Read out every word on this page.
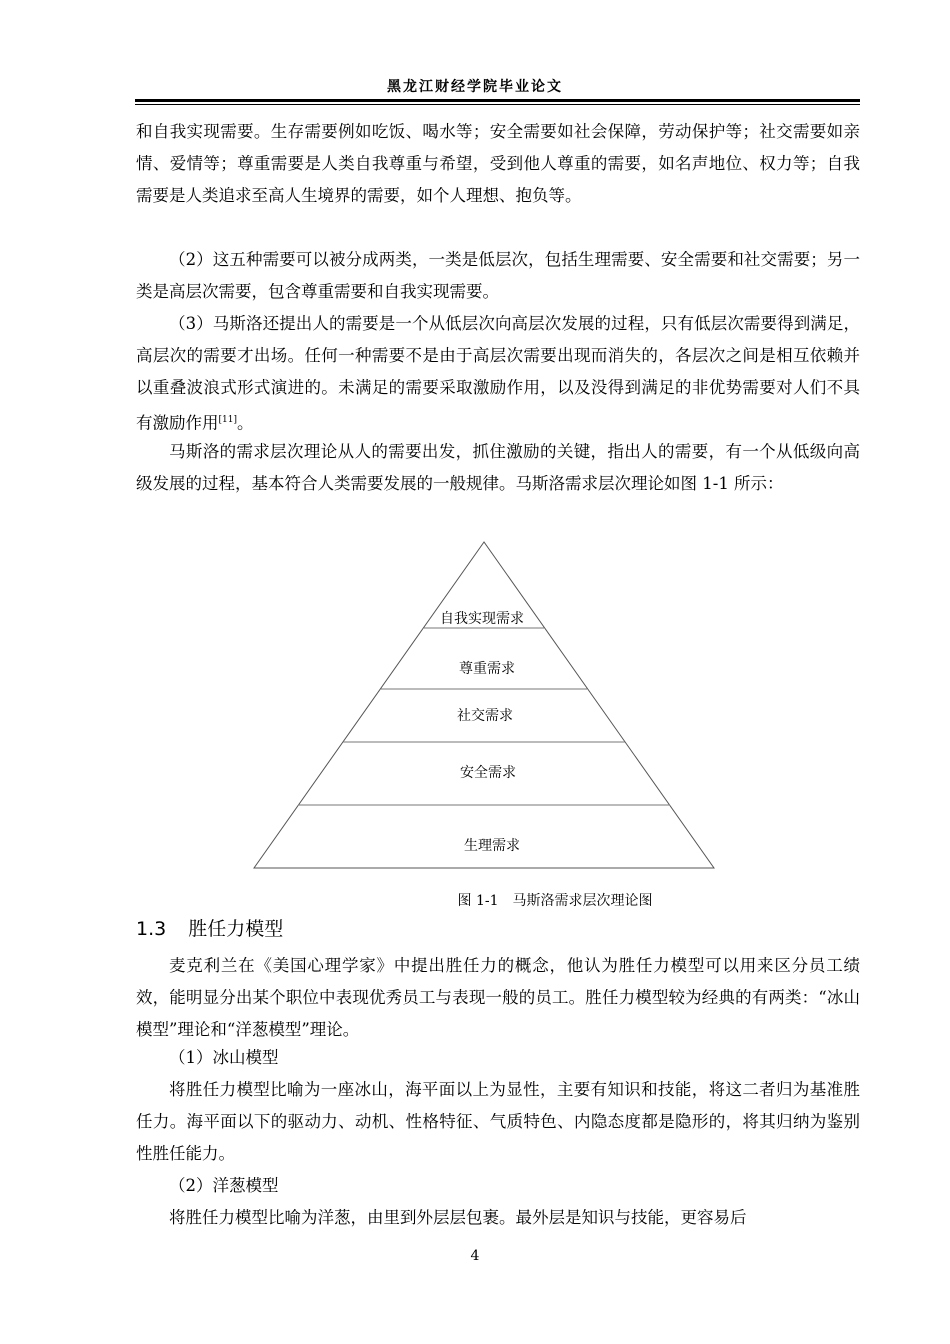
黑龙江财经学院毕业论文

和自我实现需要。生存需要例如吃饭、喝水等；安全需要如社会保障，劳动保护等；社交需要如亲情、爱情等；尊重需要是人类自我尊重与希望，受到他人尊重的需要，如名声地位、权力等；自我需要是人类追求至高人生境界的需要，如个人理想、抱负等。

（2）这五种需要可以被分成两类，一类是低层次，包括生理需要、安全需要和社交需要；另一类是高层次需要，包含尊重需要和自我实现需要。

（3）马斯洛还提出人的需要是一个从低层次向高层次发展的过程，只有低层次需要得到满足，高层次的需要才出场。任何一种需要不是由于高层次需要出现而消失的，各层次之间是相互依赖并以重叠波浪式形式演进的。未满足的需要采取激励作用，以及没得到满足的非优势需要对人们不具有激励作用[11]。

马斯洛的需求层次理论从人的需要出发，抓住激励的关键，指出人的需要，有一个从低级向高级发展的过程，基本符合人类需要发展的一般规律。马斯洛需求层次理论如图 1-1 所示：

自我实现需求
尊重需求
社交需求
安全需求
生理需求
图 1-1　马斯洛需求层次理论图
1.3 胜任力模型

麦克利兰在《美国心理学家》中提出胜任力的概念，他认为胜任力模型可以用来区分员工绩效，能明显分出某个职位中表现优秀员工与表现一般的员工。胜任力模型较为经典的有两类：“冰山模型”理论和“洋葱模型”理论。

（1）冰山模型

将胜任力模型比喻为一座冰山，海平面以上为显性，主要有知识和技能，将这二者归为基准胜任力。海平面以下的驱动力、动机、性格特征、气质特色、内隐态度都是隐形的，将其归纳为鉴别性胜任能力。

（2）洋葱模型

将胜任力模型比喻为洋葱，由里到外层层包裹。最外层是知识与技能，更容易后

4
